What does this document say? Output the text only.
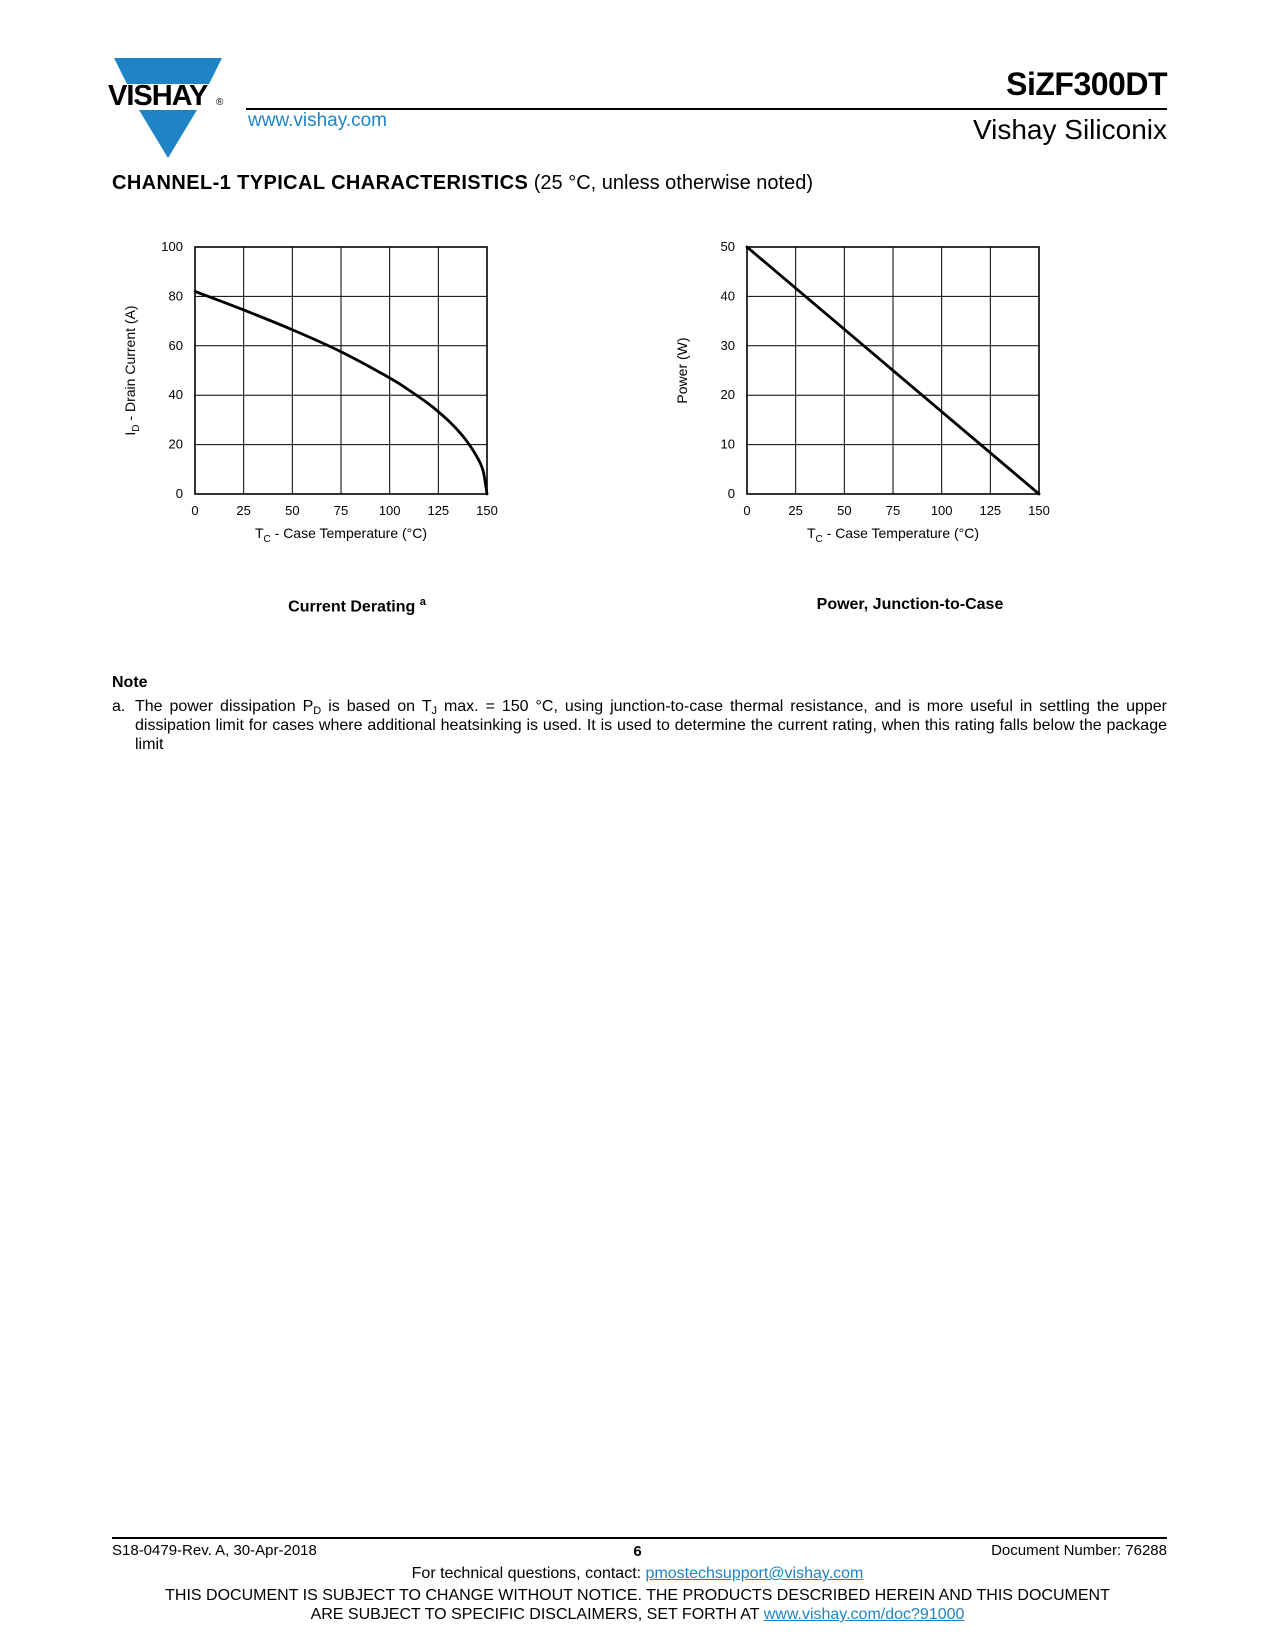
VISHAY ®
www.vishay.com
SiZF300DT
Vishay Siliconix
CHANNEL-1 TYPICAL CHARACTERISTICS (25 °C, unless otherwise noted)
0	25	50	75 100 125 150
0
20
40
60
80
100
$T_C$ - Case Temperature (°C)
$I_D$ - Drain Current (A)
Current Derating $^a$
0	25	50	75 100 125 150
0
10
20
30
40
50
$T_C$ - Case Temperature (°C)
Power (W)
Power, Junction-to-Case
Note
a. The power dissipation $P_D$ is based on $T_J$ max. = 150 °C, using junction-to-case thermal resistance, and is more useful in settling the upper dissipation limit for cases where additional heatsinking is used. It is used to determine the current rating, when this rating falls below the package limit
S18-0479-Rev. A, 30-Apr-2018	6	Document Number: 76288
For technical questions, contact: pmostechsupport@vishay.com
THIS DOCUMENT IS SUBJECT TO CHANGE WITHOUT NOTICE. THE PRODUCTS DESCRIBED HEREIN AND THIS DOCUMENT
ARE SUBJECT TO SPECIFIC DISCLAIMERS, SET FORTH AT www.vishay.com/doc?91000
